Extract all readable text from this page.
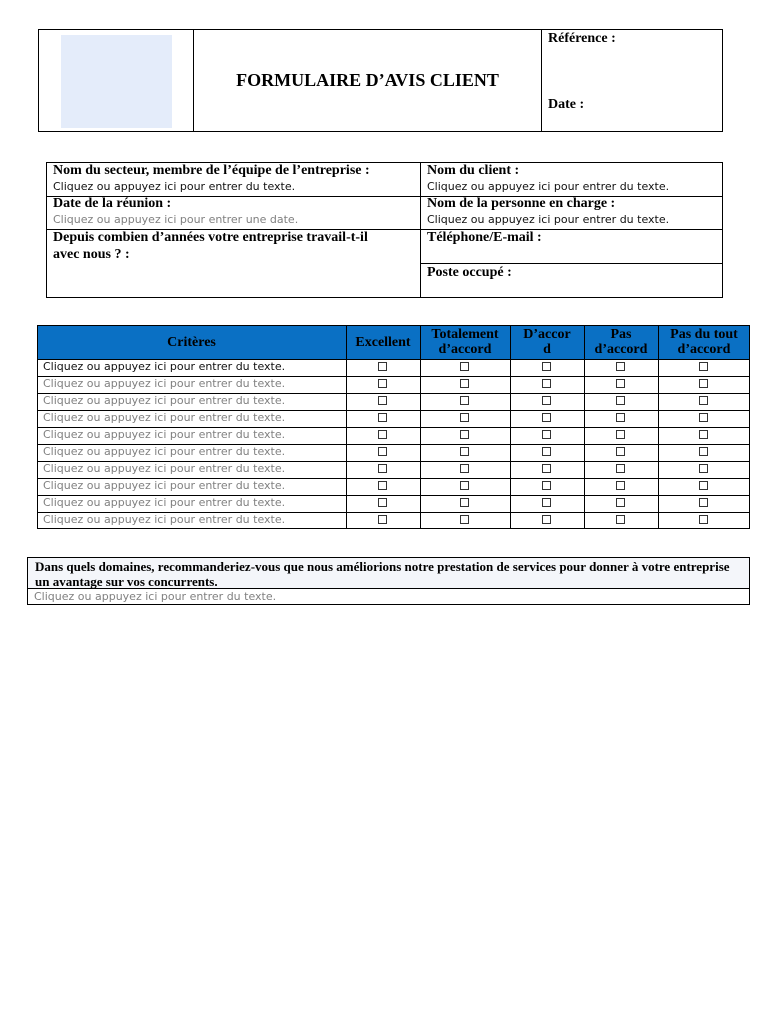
FORMULAIRE D’AVIS CLIENT
Référence :
Date :
Nom du secteur, membre de l’équipe de l’entreprise :
Cliquez ou appuyez ici pour entrer du texte.
Nom du client :
Cliquez ou appuyez ici pour entrer du texte.
Date de la réunion :
Cliquez ou appuyez ici pour entrer une date.
Nom de la personne en charge :
Cliquez ou appuyez ici pour entrer du texte.
Depuis combien d’années votre entreprise travail-t-il
avec nous ? :
Téléphone/E-mail :
Poste occupé :
Critères	Excellent Totalement
d’accord
D’accor
d
Pas
d’accord
Pas du tout
d’accord
Cliquez ou appuyez ici pour entrer du texte.
Cliquez ou appuyez ici pour entrer du texte.
Cliquez ou appuyez ici pour entrer du texte.
Cliquez ou appuyez ici pour entrer du texte.
Cliquez ou appuyez ici pour entrer du texte.
Cliquez ou appuyez ici pour entrer du texte.
Cliquez ou appuyez ici pour entrer du texte.
Cliquez ou appuyez ici pour entrer du texte.
Cliquez ou appuyez ici pour entrer du texte.
Cliquez ou appuyez ici pour entrer du texte.
Dans quels domaines, recommanderiez-vous que nous améliorions notre prestation de services pour donner à votre entreprise un avantage sur vos concurrents.
Cliquez ou appuyez ici pour entrer du texte.
